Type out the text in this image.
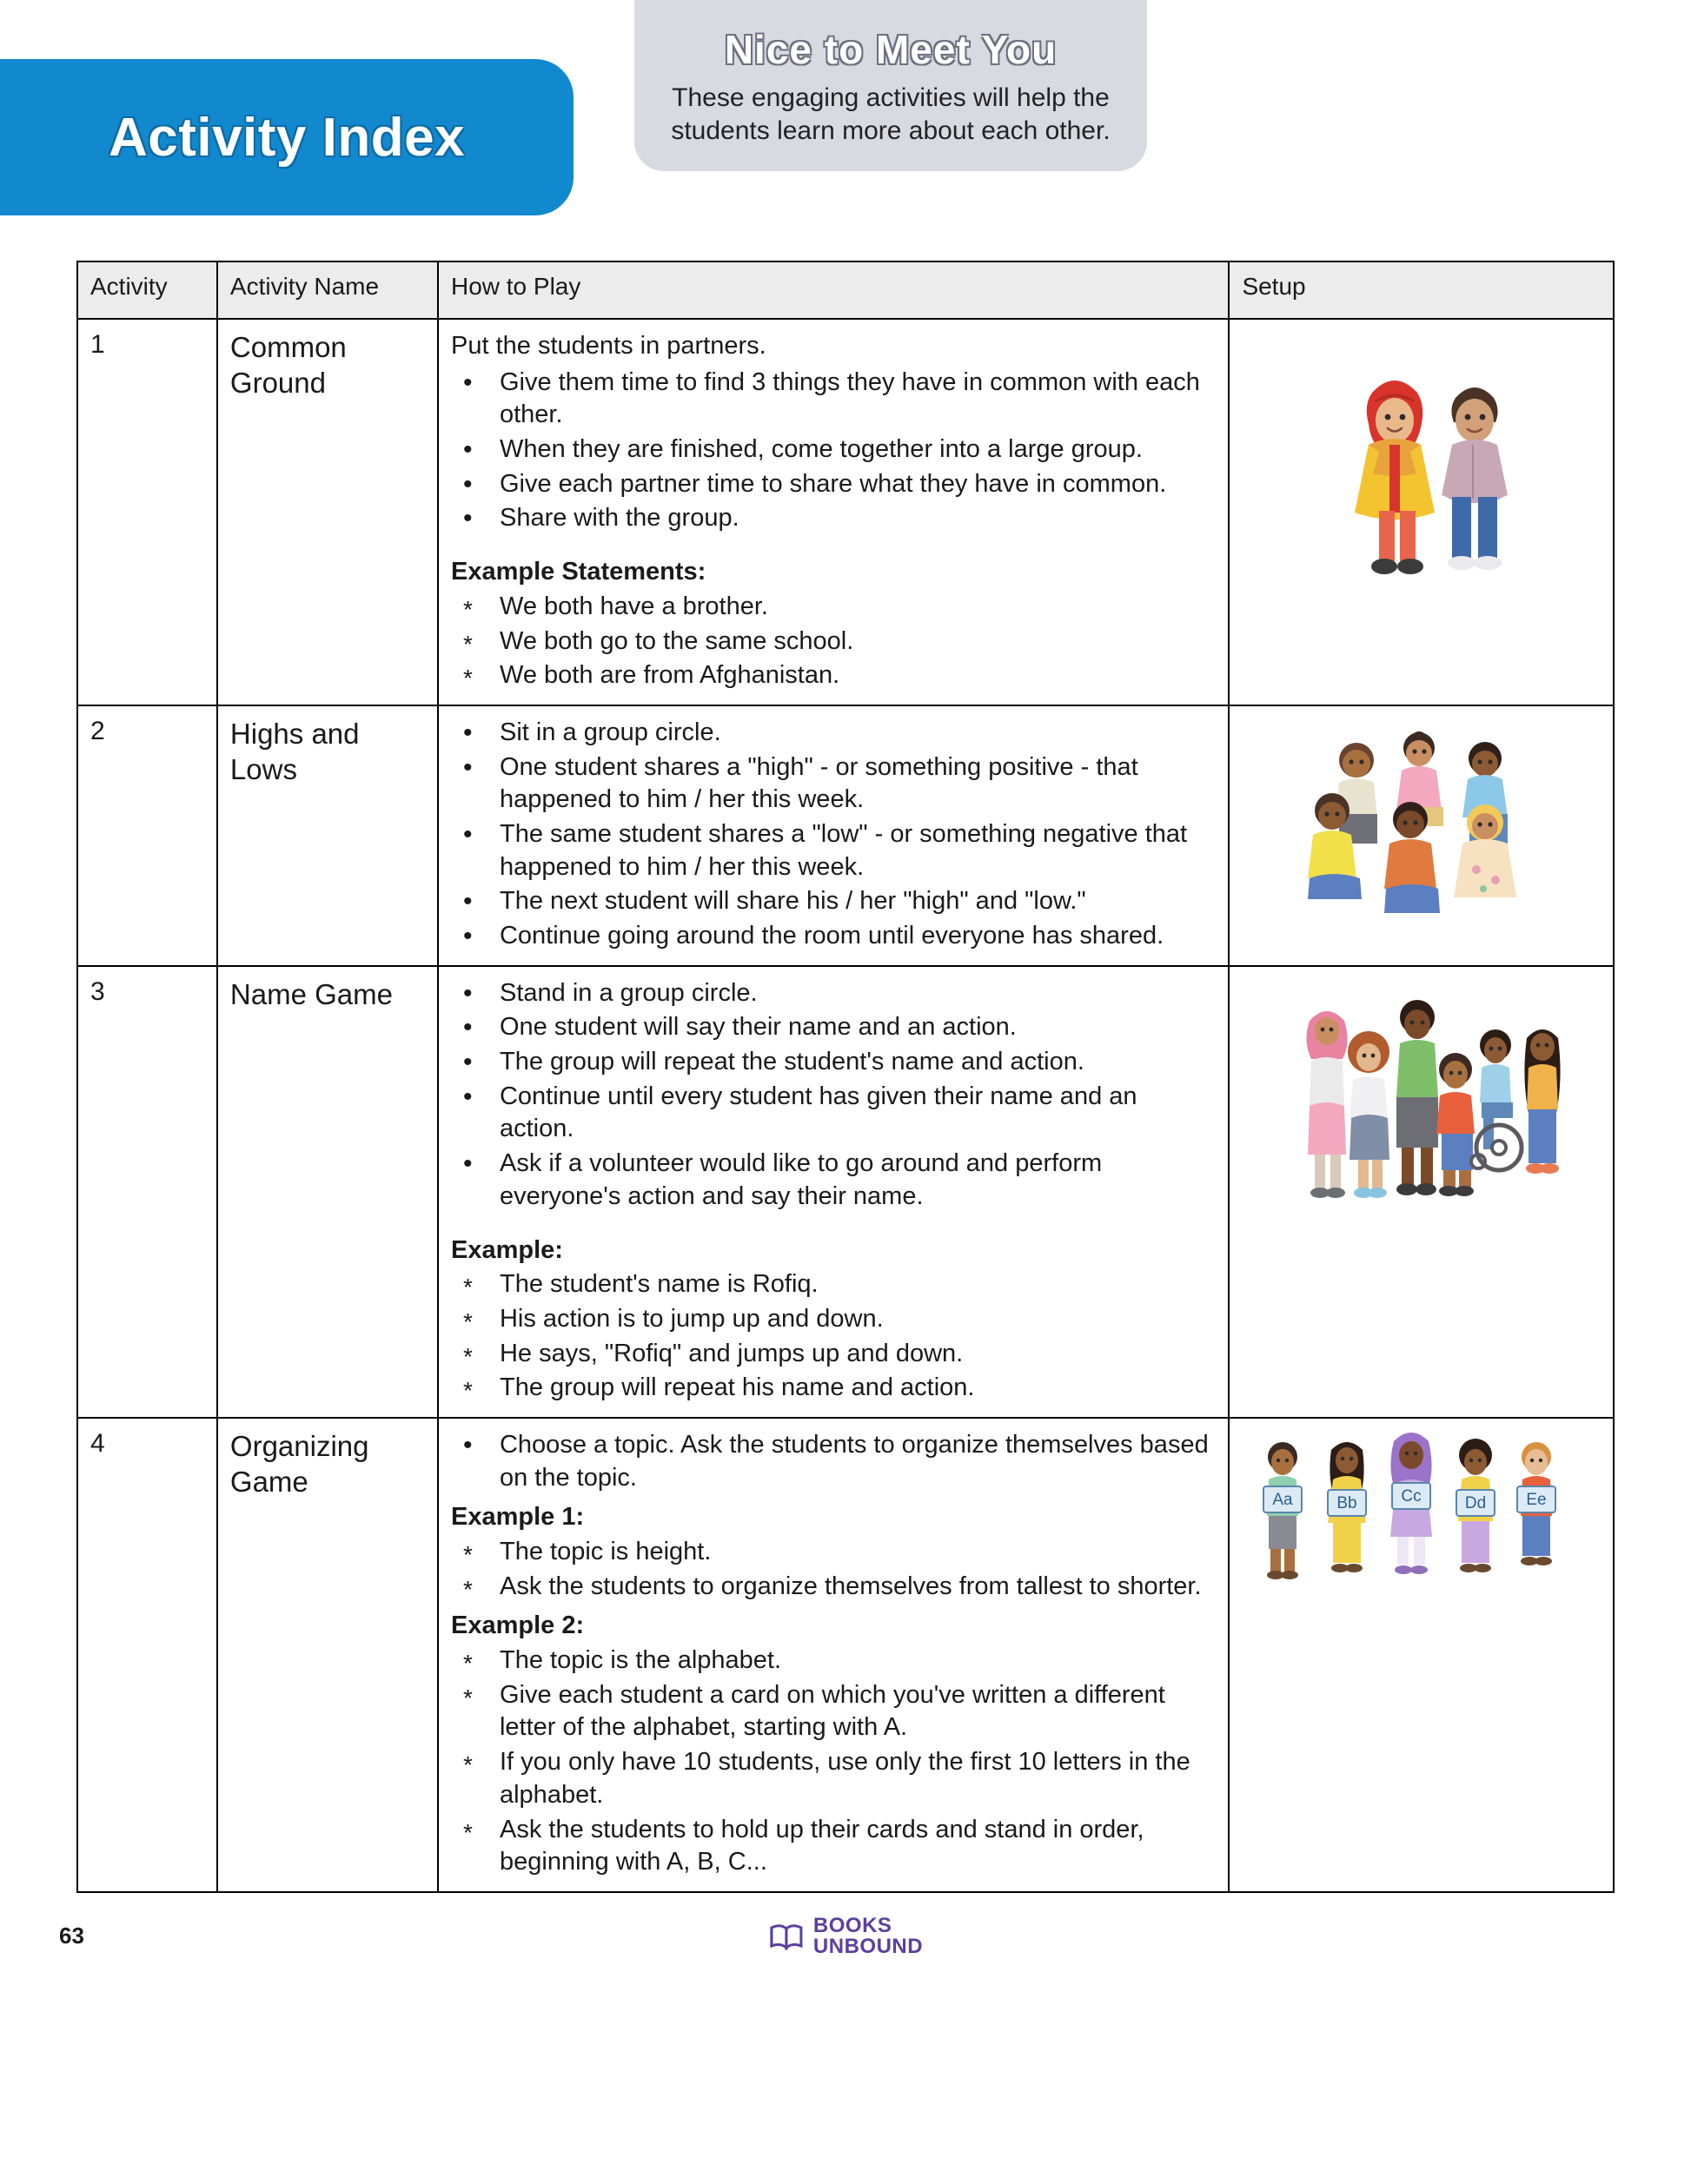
Activity Index
Nice to Meet You
These engaging activities will help the students learn more about each other.
Activity	Activity Name	How to Play	Setup
1	Common Ground	

Put the students in partners.

• Give them time to find 3 things they have in common with each other.
• When they are finished, come together into a large group.
• Give each partner time to share what they have in common.
• Share with the group.
Example Statements:
* We both have a brother.
* We both go to the same school.
* We both are from Afghanistan.

2	Highs and Lows	
• Sit in a group circle.
• One student shares a "high" - or something positive - that happened to him / her this week.
• The same student shares a "low" - or something negative that happened to him / her this week.
• The next student will share his / her "high" and "low."
• Continue going around the room until everyone has shared.

3	Name Game	
•Stand in a group circle.
• One student will say their name and an action.
• The group will repeat the student's name and action.
• Continue until every student has given their name and an action.
• Ask if a volunteer would like to go around and perform everyone's action and say their name.
Example:
* The student's name is Rofiq.
* His action is to jump up and down.
* He says, "Rofiq" and jumps up and down.
* The group will repeat his name and action.

4	Organizing Game	
• Choose a topic. Ask the students to organize themselves based on the topic.
Example 1:
* The topic is height.
* Ask the students to organize themselves from tallest to shorter.
Example 2:
* The topic is the alphabet.
* Give each student a card on which you've written a different letter of the alphabet, starting with A.
* If you only have 10 students, use only the first 10 letters in the alphabet.
* Ask the students to hold up their cards and stand in order, beginning with A, B, C...

Aa	Bb	Cc	Dd Ee
63	BOOKS
UNBOUND
